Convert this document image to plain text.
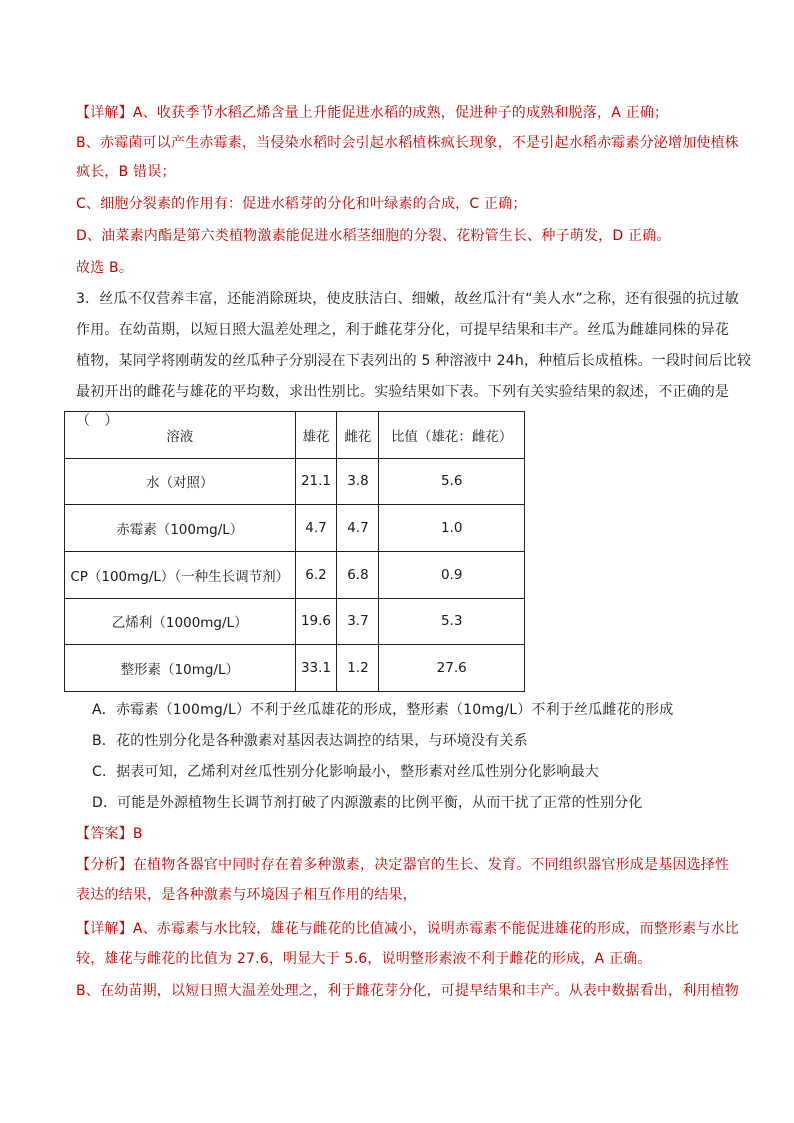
【详解】A、收获季节水稻乙烯含量上升能促进水稻的成熟，促进种子的成熟和脱落，A 正确；
B、赤霉菌可以产生赤霉素，当侵染水稻时会引起水稻植株疯长现象，不是引起水稻赤霉素分泌增加使植株
疯长，B 错误；
C、细胞分裂素的作用有：促进水稻芽的分化和叶绿素的合成，C 正确；
D、油菜素内酯是第六类植物激素能促进水稻茎细胞的分裂、花粉管生长、种子萌发，D 正确。
故选 B。
3．丝瓜不仅营养丰富，还能消除斑块，使皮肤洁白、细嫩，故丝瓜汁有“美人水”之称，还有很强的抗过敏
作用。在幼苗期，以短日照大温差处理之，利于雌花芽分化，可提早结果和丰产。丝瓜为雌雄同株的异花
植物，某同学将刚萌发的丝瓜种子分别浸在下表列出的 5 种溶液中 24h，种植后长成植株。一段时间后比较
最初开出的雌花与雄花的平均数，求出性别比。实验结果如下表。下列有关实验结果的叙述，不正确的是
（　）
溶液	雄花	雌花	比值（雄花：雌花）
水（对照）	21.1	3.8	5.6
赤霉素（100mg/L）	4.7	4.7	1.0
CP（100mg/L）（一种生长调节剂）	6.2	6.8	0.9
乙烯利（1000mg/L）	19.6	3.7	5.3
整形素（10mg/L）	33.1	1.2	27.6
A．赤霉素（100mg/L）不利于丝瓜雄花的形成，整形素（10mg/L）不利于丝瓜雌花的形成
B．花的性别分化是各种激素对基因表达调控的结果，与环境没有关系
C．据表可知，乙烯利对丝瓜性别分化影响最小，整形素对丝瓜性别分化影响最大
D．可能是外源植物生长调节剂打破了内源激素的比例平衡，从而干扰了正常的性别分化
【答案】B
【分析】在植物各器官中同时存在着多种激素，决定器官的生长、发育。不同组织器官形成是基因选择性
表达的结果，是各种激素与环境因子相互作用的结果，
【详解】A、赤霉素与水比较，雄花与雌花的比值减小，说明赤霉素不能促进雄花的形成，而整形素与水比
较，雄花与雌花的比值为 27.6，明显大于 5.6，说明整形素液不利于雌花的形成，A 正确。
B、在幼苗期，以短日照大温差处理之，利于雌花芽分化，可提早结果和丰产。从表中数据看出，利用植物
